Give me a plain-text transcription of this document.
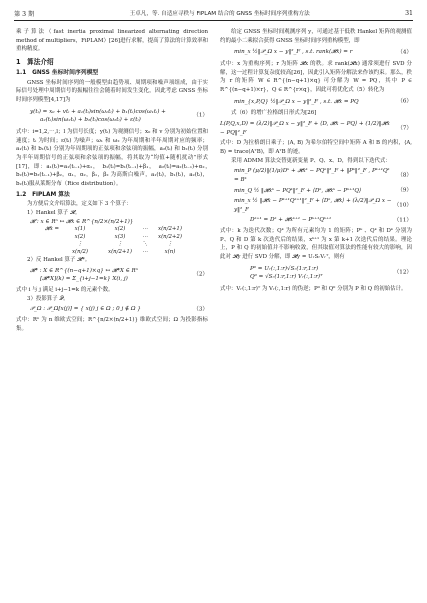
第 3 期	王卓凡，等. 自适应寻秩与 FiPLAM 结合的 GNSS 坐标时间序列重构方法	31

乘子算法（fast inertia proximal linearized alternating direction method of multipliers，FiPLAM）[26]进行求解，提高了算法的计算效率和重构精度。

1　算法介绍
1.1　GNSS 坐标时间序列模型

GNSS 坐标时间序列的一般模型由趋势项、周期项和噪声项组成，由于实际信号处理中周期信号的振幅往往会随着时间发生变化，因此考虑 GNSS 坐标时间序列模型[4,17]为

y(tᵢ) = x₀ + vtᵢ + a₁(tᵢ)sin(ω₁tᵢ) + b₁(tᵢ)cos(ω₁tᵢ) +
a₂(tᵢ)sin(ω₂tᵢ) + b₂(tᵢ)cos(ω₂tᵢ) + ε(tᵢ)
（1）

式中：i=1,2,⋯,l；l 为信号长度；y(tᵢ) 为观测信号；x₀ 和 v 分别为初始位置和速度；tᵢ 为时间；ε(tᵢ) 为噪声；ω₁ 和 ω₂ 为年周期和半年周期对应的频率；a₁(tᵢ) 和 b₁(tᵢ) 分别为年周期项的正弦项和余弦项的振幅，a₂(tᵢ) 和 b₂(tᵢ) 分别为半年周期信号的正弦项和余弦项的振幅，将其取为“均值+随机扰动”形式[17]，即：a₁(tᵢ)=a₁(tᵢ₋₁)+α₁，　b₁(tᵢ)=b₁(tᵢ₋₁)+β₁，　a₂(tᵢ)=a₂(tᵢ₋₁)+α₂，　b₂(tᵢ)=b₂(tᵢ₋₁)+β₂，α₁，α₂，β₁，β₂ 为高斯白噪声，a₁(tᵢ)，b₁(tᵢ)，a₂(tᵢ)，b₂(tᵢ)服从莱斯分布（Rice distribution）。

1.2　FiPLAM 算法

为方便后文介绍算法，定义如下 3 个算子：

1）Hankel 算子 𝓗。

𝓗 : x ∈ Rⁿ ↦ 𝓗x ∈ R^{n/2×(n/2+1)}
𝓗x =	x(1)	x(2)	⋯	x(n/2+1)
x(2)	x(3)	⋯	x(n/2+2)
⋮	⋮	⋱	⋮
x(n/2)	x(n/2+1)	⋯	x(n)

2）反 Hankel 算子 𝓗*。

𝓗* : X ∈ R^{(n−q+1)×q} ↦ 𝓗*X ∈ Rⁿ
[𝓗*X](k) = Σ_{i+j−1=k} X(i, j)
（2）

式中 i 与 j 满足 i+j−1=k 的元素个数。

3）投影算子 𝒫。

𝒫_Ω : 𝒫_Ω[x(j)] = { x(j) j ∈ Ω ; 0 j ∉ Ω }	（3）

式中：Rⁿ 为 n 维欧式空间；R^{n/2×(n/2+1)} 维欧式空间；Ω 为投影指标集。

给定 GNSS 坐标时间观测序列 y，可通过基于低秩 Hankel 矩阵的观测值约的最小二乘拟合获得 GNSS 坐标时间序列重构模型，即

min_x ½‖𝒫_Ω x − y‖²_F , s.t. rank(𝓗x) = r	（4）

式中：x 为重构序列；r 为矩阵 𝓗x 的秩。求 rank(𝓗x) 通常须进行 SVD 分解，这一过程计算复杂度较高[26]，因此引入矩阵分解法来作该约束。那么，秩为 r 的矩阵 W ∈ R^{(n−q+1)×q} 可分解为 W = PQ，其中 P ∈ R^{(n−q+1)×r}，Q ∈ R^{r×q}，因此可将优化式（5）转化为

min_{x,P,Q} ½‖𝒫_Ω x − y‖²_F , s.t. 𝓗x = PQ	（6）

式（6）的增广拉格朗日形式为[26]

L(P,Q,x,D) = (λ/2)‖𝒫_Ω x − y‖²_F + ⟨D, 𝓗x − PQ⟩ + (1/2)‖𝓗x − PQ‖²_F
（7）

式中：D 为拉格朗日乘子；⟨A, B⟩ 为希尔伯特空间中矩阵 A 和 B 的内积，⟨A, B⟩ = trace(AᵀB)，即 AᵀB 的迹。

采用 ADMM 算法交替更新变量 P、Q、x、D，得到以下迭代式：

min_P (μ/2)‖(1/μ)Dᵏ + 𝓗xᵏ − PQᵏ‖²_F + ‖Pᵏ‖²_F , Pᵏ⁺¹Qᵏ = Bᵏ
（8）
min_Q ½ ‖𝓗xᵏ − PQᵏ‖²_F + ⟨Dᵏ, 𝓗xᵏ − Pᵏ⁺¹Q⟩	（9）
min_x ½ ‖𝓗x − Pᵏ⁺¹Qᵏ⁺¹‖²_F + ⟨Dᵏ, 𝓗x⟩ + (λ/2)‖𝒫_Ω x − y‖²_F
（10）
Dᵏ⁺¹ = Dᵏ + 𝓗xᵏ⁺¹ − Pᵏ⁺¹Qᵏ⁺¹	（11）

式中：k 为迭代次数；Qᵏ 为所有元素均为 1 的矩阵；Pᵏ 、Qᵏ 和 Dᵏ 分别为 P、Q 和 D 第 k 次迭代后的结果，xᵏ⁺¹ 为 x 第 k+1 次迭代后的结果。理论上，P 和 Q 的初始值并不影响收敛，但其取值对算法的性能有较大的影响，因此对 𝓗y 进行 SVD 分解，即 𝓗y = UᵣSᵣVᵣᵀ，则有

P⁰ = Uᵣ(:,1:r)√Sᵣ(1:r,1:r)
Q⁰ = √Sᵣ(1:r,1:r) Vᵣ(:,1:r)ᵀ
（12）

式中：Vᵣ(:,1:r)ᵀ 为 Vᵣ(:,1:r) 的伪逆；P⁰ 和 Q⁰ 分别为 P 和 Q 的初始估计。
